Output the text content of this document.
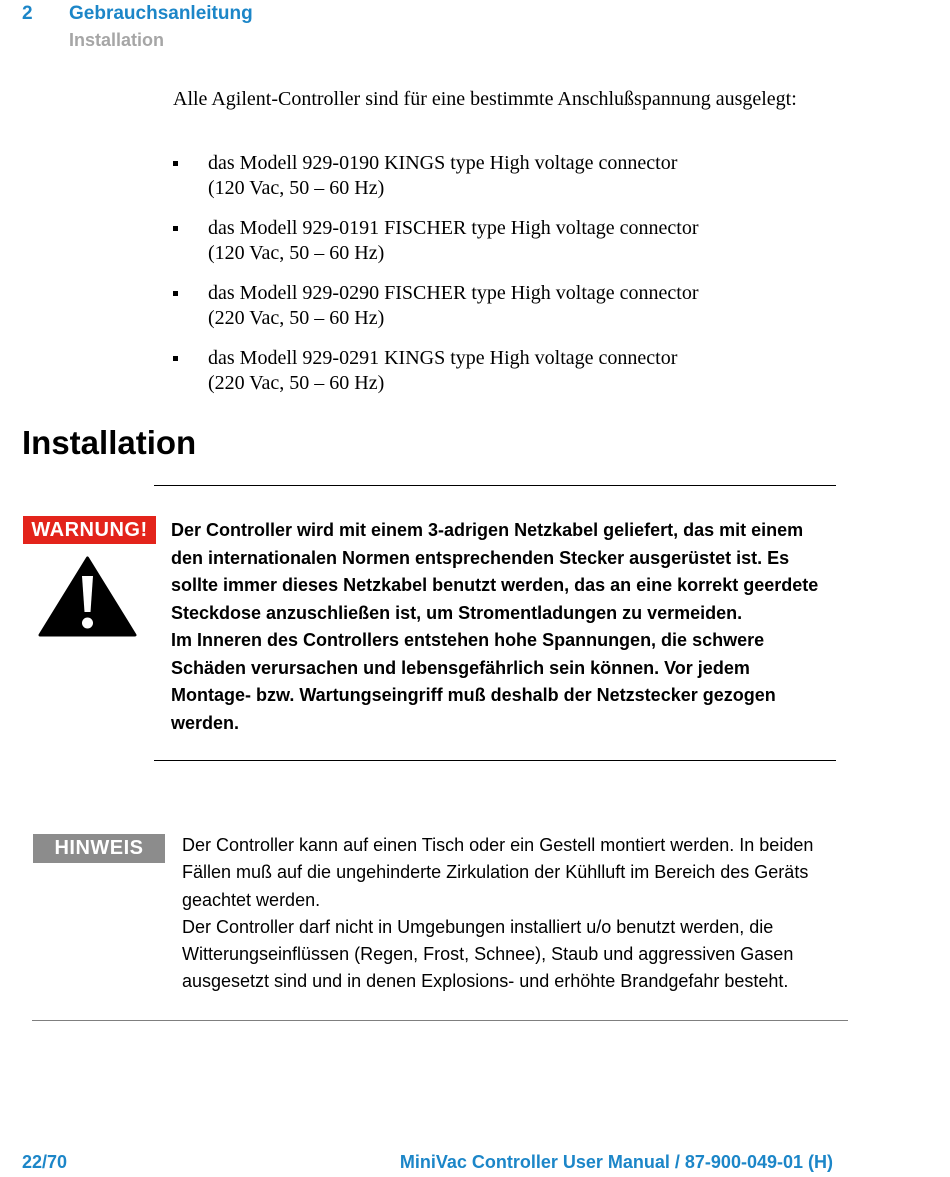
2 Gebrauchsanleitung
Installation
Alle Agilent-Controller sind für eine bestimmte Anschlußspannung ausgelegt:
das Modell 929-0190 KINGS type High voltage connector
(120 Vac, 50 – 60 Hz)
das Modell 929-0191 FISCHER type High voltage connector
(120 Vac, 50 – 60 Hz)
das Modell 929-0290 FISCHER type High voltage connector
(220 Vac, 50 – 60 Hz)
das Modell 929-0291 KINGS type High voltage connector
(220 Vac, 50 – 60 Hz)
Installation
WARNUNG!	Der Controller wird mit einem 3-adrigen Netzkabel geliefert, das mit einem
den internationalen Normen entsprechenden Stecker ausgerüstet ist. Es
sollte immer dieses Netzkabel benutzt werden, das an eine korrekt geerdete
Steckdose anzuschließen ist, um Stromentladungen zu vermeiden.
Im Inneren des Controllers entstehen hohe Spannungen, die schwere
Schäden verursachen und lebensgefährlich sein können. Vor jedem
Montage- bzw. Wartungseingriff muß deshalb der Netzstecker gezogen
werden.
HINWEIS	Der Controller kann auf einen Tisch oder ein Gestell montiert werden. In beiden
Fällen muß auf die ungehinderte Zirkulation der Kühlluft im Bereich des Geräts
geachtet werden.
Der Controller darf nicht in Umgebungen installiert u/o benutzt werden, die
Witterungseinflüssen (Regen, Frost, Schnee), Staub und aggressiven Gasen
ausgesetzt sind und in denen Explosions- und erhöhte Brandgefahr besteht.
22/70	MiniVac Controller User Manual / 87-900-049-01 (H)
